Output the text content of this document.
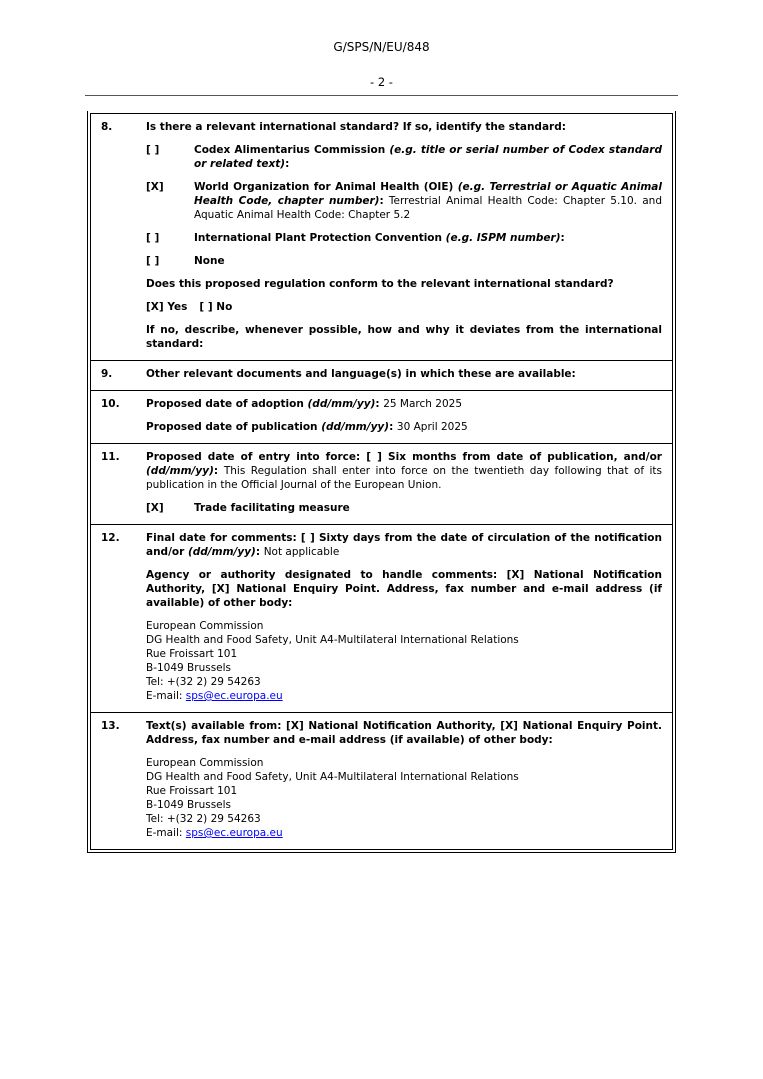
G/SPS/N/EU/848
- 2 -
8.	Is there a relevant international standard? If so, identify the standard:
[ ]	Codex Alimentarius Commission (e.g. title or serial number of Codex standard or related text):
[X]	World Organization for Animal Health (OIE) (e.g. Terrestrial or Aquatic Animal Health Code, chapter number): Terrestrial Animal Health Code: Chapter 5.10. and Aquatic Animal Health Code: Chapter 5.2
[ ]	International Plant Protection Convention (e.g. ISPM number):
[ ]	None
Does this proposed regulation conform to the relevant international standard?
[X] Yes [ ] No
If no, describe, whenever possible, how and why it deviates from the international standard:
9.	Other relevant documents and language(s) in which these are available:
10.	Proposed date of adoption (dd/mm/yy): 25 March 2025
Proposed date of publication (dd/mm/yy): 30 April 2025
11.	Proposed date of entry into force: [ ] Six months from date of publication, and/or (dd/mm/yy): This Regulation shall enter into force on the twentieth day following that of its publication in the Official Journal of the European Union.
[X]	Trade facilitating measure
12.	Final date for comments: [ ] Sixty days from the date of circulation of the notification and/or (dd/mm/yy): Not applicable
Agency or authority designated to handle comments: [X] National Notification Authority, [X] National Enquiry Point. Address, fax number and e-mail address (if available) of other body:
European Commission
DG Health and Food Safety, Unit A4-Multilateral International Relations
Rue Froissart 101
B-1049 Brussels
Tel: +(32 2) 29 54263
E-mail: sps@ec.europa.eu
13.	Text(s) available from: [X] National Notification Authority, [X] National Enquiry Point. Address, fax number and e-mail address (if available) of other body:
European Commission
DG Health and Food Safety, Unit A4-Multilateral International Relations
Rue Froissart 101
B-1049 Brussels
Tel: +(32 2) 29 54263
E-mail: sps@ec.europa.eu
